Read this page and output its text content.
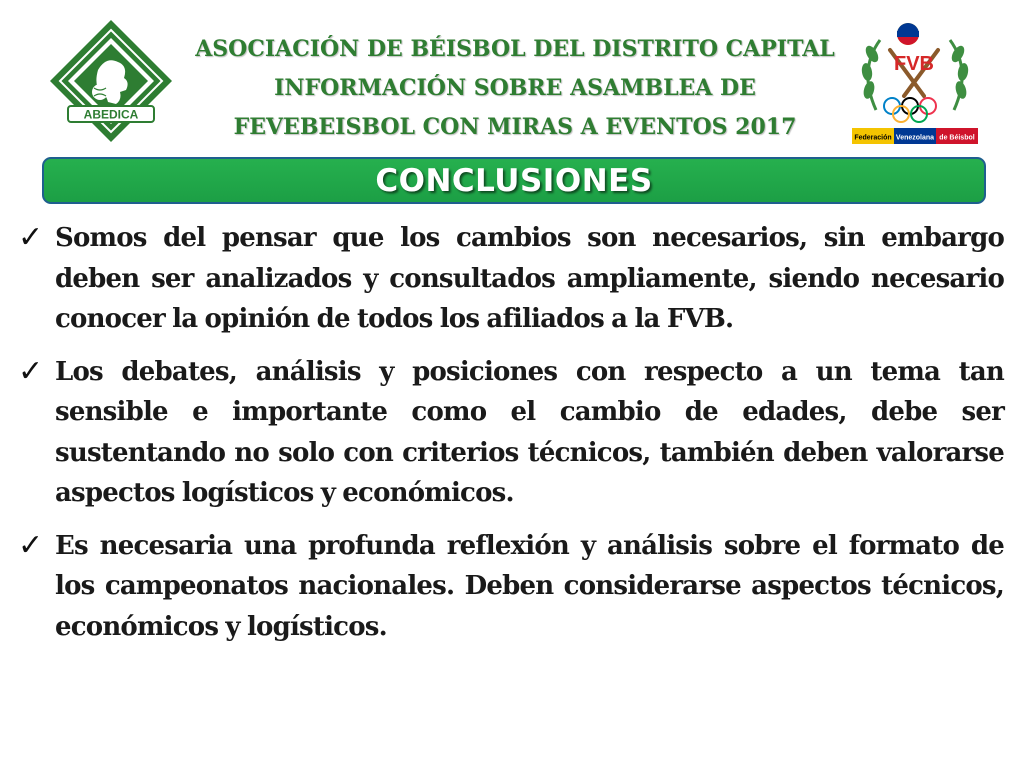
ABEDICA
ASOCIACIÓN DE BÉISBOL DEL DISTRITO CAPITAL
INFORMACIÓN SOBRE ASAMBLEA DE
FEVEBEISBOL CON MIRAS A EVENTOS 2017
FVB
Federación Venezolana de Béisbol
CONCLUSIONES
✓ Somos del pensar que los cambios son necesarios, sin embargo deben ser analizados y consultados ampliamente, siendo necesario conocer la opinión de todos los afiliados a la FVB.

✓ Los debates, análisis y posiciones con respecto a un tema tan sensible e importante como el cambio de edades, debe ser sustentando no solo con criterios técnicos, también deben valorarse aspectos logísticos y económicos.

✓ Es necesaria una profunda reflexión y análisis sobre el formato de los campeonatos nacionales. Deben considerarse aspectos técnicos, económicos y logísticos.
